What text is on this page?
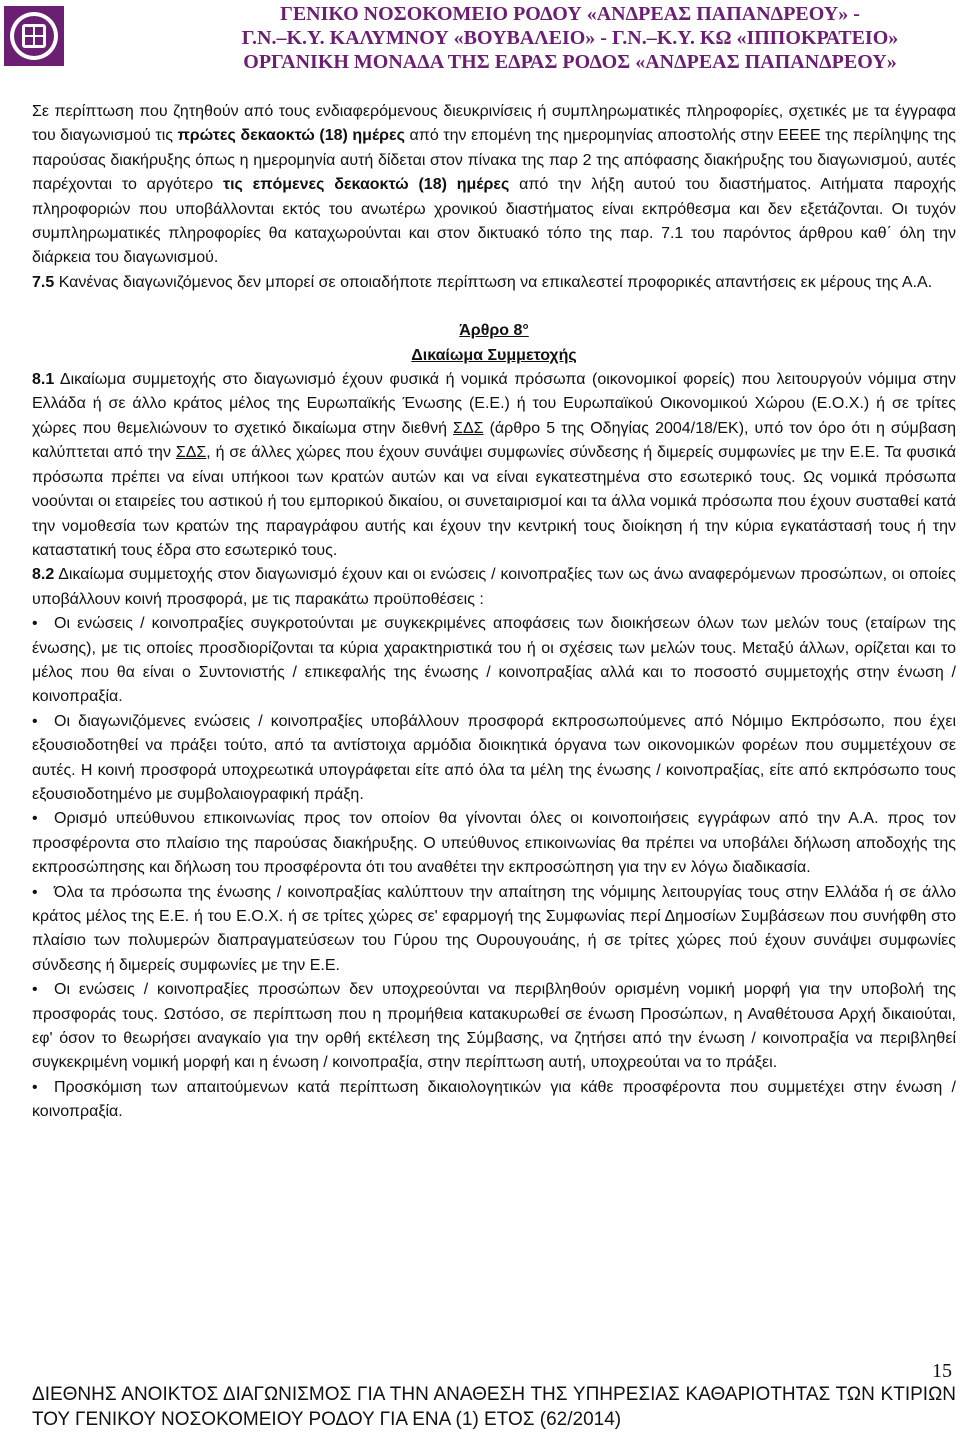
ΓΕΝΙΚΟ ΝΟΣΟΚΟΜΕΙΟ ΡΟΔΟΥ «ΑΝΔΡΕΑΣ ΠΑΠΑΝΔΡΕΟΥ» -
Γ.Ν.–Κ.Υ. ΚΑΛΥΜΝΟΥ «ΒΟΥΒΑΛΕΙΟ» - Γ.Ν.–Κ.Υ. ΚΩ «ΙΠΠΟΚΡΑΤΕΙΟ»
ΟΡΓΑΝΙΚΗ ΜΟΝΑΔΑ ΤΗΣ ΕΔΡΑΣ ΡΟΔΟΣ «ΑΝΔΡΕΑΣ ΠΑΠΑΝΔΡΕΟΥ»

Σε περίπτωση που ζητηθούν από τους ενδιαφερόμενους διευκρινίσεις ή συμπληρωματικές πληροφορίες, σχετικές με τα έγγραφα του διαγωνισμού τις πρώτες δεκαοκτώ (18) ημέρες από την επομένη της ημερομηνίας αποστολής στην ΕΕΕΕ της περίληψης της παρούσας διακήρυξης όπως η ημερομηνία αυτή δίδεται στον πίνακα της παρ 2 της απόφασης διακήρυξης του διαγωνισμού, αυτές παρέχονται το αργότερο τις επόμενες δεκαοκτώ (18) ημέρες από την λήξη αυτού του διαστήματος. Αιτήματα παροχής πληροφοριών που υποβάλλονται εκτός του ανωτέρω χρονικού διαστήματος είναι εκπρόθεσμα και δεν εξετάζονται. Οι τυχόν συμπληρωματικές πληροφορίες θα καταχωρούνται και στον δικτυακό τόπο της παρ. 7.1 του παρόντος άρθρου καθ΄ όλη την διάρκεια του διαγωνισμού.

7.5 Κανένας διαγωνιζόμενος δεν μπορεί σε οποιαδήποτε περίπτωση να επικαλεστεί προφορικές απαντήσεις εκ μέρους της Α.Α.

Άρθρο 8°
Δικαίωμα Συμμετοχής

8.1 Δικαίωμα συμμετοχής στο διαγωνισμό έχουν φυσικά ή νομικά πρόσωπα (οικονομικοί φορείς) που λειτουργούν νόμιμα στην Ελλάδα ή σε άλλο κράτος μέλος της Ευρωπαϊκής Ένωσης (Ε.Ε.) ή του Ευρωπαϊκού Οικονομικού Χώρου (Ε.Ο.Χ.) ή σε τρίτες χώρες που θεμελιώνουν το σχετικό δικαίωμα στην διεθνή ΣΔΣ (άρθρο 5 της Οδηγίας 2004/18/ΕΚ), υπό τον όρο ότι η σύμβαση καλύπτεται από την ΣΔΣ, ή σε άλλες χώρες που έχουν συνάψει συμφωνίες σύνδεσης ή διμερείς συμφωνίες με την Ε.Ε. Τα φυσικά πρόσωπα πρέπει να είναι υπήκοοι των κρατών αυτών και να είναι εγκατεστημένα στο εσωτερικό τους. Ως νομικά πρόσωπα νοούνται οι εταιρείες του αστικού ή του εμπορικού δικαίου, οι συνεταιρισμοί και τα άλλα νομικά πρόσωπα που έχουν συσταθεί κατά την νομοθεσία των κρατών της παραγράφου αυτής και έχουν την κεντρική τους διοίκηση ή την κύρια εγκατάστασή τους ή την καταστατική τους έδρα στο εσωτερικό τους.

8.2 Δικαίωμα συμμετοχής στον διαγωνισμό έχουν και οι ενώσεις / κοινοπραξίες των ως άνω αναφερόμενων προσώπων, οι οποίες υποβάλλουν κοινή προσφορά, με τις παρακάτω προϋποθέσεις :

• Οι ενώσεις / κοινοπραξίες συγκροτούνται με συγκεκριμένες αποφάσεις των διοικήσεων όλων των μελών τους (εταίρων της ένωσης), με τις οποίες προσδιορίζονται τα κύρια χαρακτηριστικά του ή οι σχέσεις των μελών τους. Μεταξύ άλλων, ορίζεται και το μέλος που θα είναι ο Συντονιστής / επικεφαλής της ένωσης / κοινοπραξίας αλλά και το ποσοστό συμμετοχής στην ένωση /κοινοπραξία.

• Οι διαγωνιζόμενες ενώσεις / κοινοπραξίες υποβάλλουν προσφορά εκπροσωπούμενες από Νόμιμο Εκπρόσωπο, που έχει εξουσιοδοτηθεί να πράξει τούτο, από τα αντίστοιχα αρμόδια διοικητικά όργανα των οικονομικών φορέων που συμμετέχουν σε αυτές. Η κοινή προσφορά υποχρεωτικά υπογράφεται είτε από όλα τα μέλη της ένωσης / κοινοπραξίας, είτε από εκπρόσωπο τους εξουσιοδοτημένο με συμβολαιογραφική πράξη.

• Ορισμό υπεύθυνου επικοινωνίας προς τον οποίον θα γίνονται όλες οι κοινοποιήσεις εγγράφων από την Α.Α. προς τον προσφέροντα στο πλαίσιο της παρούσας διακήρυξης. Ο υπεύθυνος επικοινωνίας θα πρέπει να υποβάλει δήλωση αποδοχής της εκπροσώπησης και δήλωση του προσφέροντα ότι του αναθέτει την εκπροσώπηση για την εν λόγω διαδικασία.

• Όλα τα πρόσωπα της ένωσης / κοινοπραξίας καλύπτουν την απαίτηση της νόμιμης λειτουργίας τους στην Ελλάδα ή σε άλλο κράτος μέλος της Ε.Ε. ή του Ε.Ο.Χ. ή σε τρίτες χώρες σε' εφαρμογή της Συμφωνίας περί Δημοσίων Συμβάσεων που συνήφθη στο πλαίσιο των πολυμερών διαπραγματεύσεων του Γύρου της Ουρουγουάης, ή σε τρίτες χώρες πού έχουν συνάψει συμφωνίες σύνδεσης ή διμερείς συμφωνίες με την Ε.Ε.

• Οι ενώσεις / κοινοπραξίες προσώπων δεν υποχρεούνται να περιβληθούν ορισμένη νομική μορφή για την υποβολή της προσφοράς τους. Ωστόσο, σε περίπτωση που η προμήθεια κατακυρωθεί σε ένωση Προσώπων, η Αναθέτουσα Αρχή δικαιούται, εφ' όσον το θεωρήσει αναγκαίο για την ορθή εκτέλεση της Σύμβασης, να ζητήσει από την ένωση / κοινοπραξία να περιβληθεί συγκεκριμένη νομική μορφή και η ένωση / κοινοπραξία, στην περίπτωση αυτή, υποχρεούται να το πράξει.

• Προσκόμιση των απαιτούμενων κατά περίπτωση δικαιολογητικών για κάθε προσφέροντα που συμμετέχει στην ένωση / κοινοπραξία.

15
ΔΙΕΘΝΗΣ ΑΝΟΙΚΤΟΣ ΔΙΑΓΩΝΙΣΜΟΣ ΓΙΑ ΤΗΝ ΑΝΑΘΕΣΗ ΤΗΣ ΥΠΗΡΕΣΙΑΣ ΚΑΘΑΡΙΟΤΗΤΑΣ ΤΩΝ ΚΤΙΡΙΩΝ ΤΟΥ ΓΕΝΙΚΟΥ ΝΟΣΟΚΟΜΕΙΟΥ ΡΟΔΟΥ ΓΙΑ ΕΝΑ (1) ΕΤΟΣ (62/2014)
